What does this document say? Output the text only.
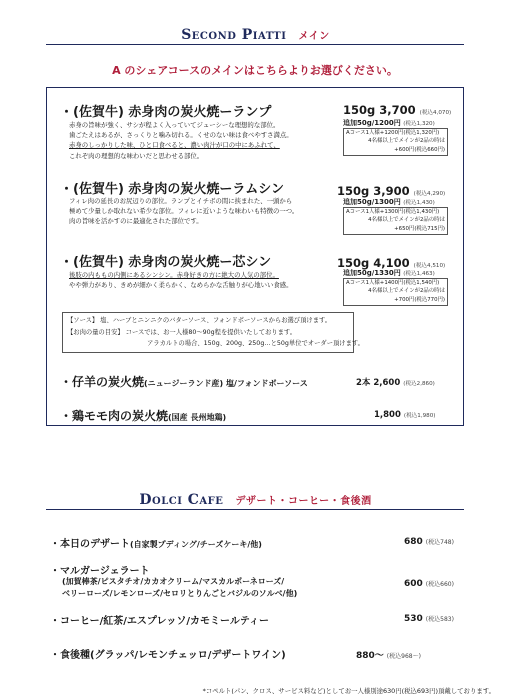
Second Piatti メイン
A のシェアコースのメインはこちらよりお選びください。
・(佐賀牛) 赤身肉の炭火焼ーランプ
赤身の旨味が強く、サシが程よく入っていてジューシーな理想的な部位。
歯ごたえはあるが、さっくりと噛み切れる。くせのない味は食べやすさ満点。
赤身のしっかりした味、ひと口食べると、濃い肉汁が口の中にあふれて、
これぞ肉の理想的な味わいだと思わせる部位。
150g 3,700 (税込4,070)
追加50g/1200円 (税込1,320)
Aコース1人様+1200円(税込1,320円)
4名様以上でメインが2品の時は
+600円(税込660円)
・(佐賀牛) 赤身肉の炭火焼ーラムシン
フィレ肉の延長のお尻辺りの部位。ランプとイチボの間に挟まれた、一頭から
極めて少量しか取れない希少な部位。フィレに近いような味わいも特徴の一つ。
肉の旨味を活かすのに最適化された部位です。
150g 3,900 (税込4,290)
追加50g/1300円 (税込1,430)
Aコース1人様+1300円(税込1,430円)
4名様以上でメインが2品の時は
+650円(税込715円)
・(佐賀牛) 赤身肉の炭火焼ー芯シン
後肢の内ももの内側にあるシンシン。赤身好きの方に絶大の人気の部位。
やや弾力があり、きめが細かく柔らかく、なめらかな舌触りが心地いい食感。
150g 4,100 (税込4,510)
追加50g/1330円 (税込1,463)
Aコース1人様+1400円(税込1,540円)
4名様以上でメインが2品の時は
+700円(税込770円)
【ソース】 塩、ハーブとニンニクのバターソース、フォンドボーソースからお選び頂けます。
【お肉の量の目安】 コースでは、お一人様80〜90g程を提供いたしております。
アラカルトの場合、150g、200g、250g…と50g単位でオーダー頂けます。
・仔羊の炭火焼(ニュージーランド産) 塩/フォンドボーソース	2本 2,600 (税込2,860)
・鶏モモ肉の炭火焼(国産 長州地鶏)	1,800 (税込1,980)
Dolci Cafe デザート・コーヒー・食後酒
・本日のデザート(自家製プディング/チーズケーキ/他)	680 (税込748)
・マルガージェラート
(加賀棒茶/ピスタチオ/カカオクリーム/マスカルポーネローズ/
ベリーローズ/レモンローズ/セロリとりんごとバジルのソルベ/他)
600 (税込660)
・コーヒー/紅茶/エスプレッソ/カモミールティー	530 (税込583)
・食後種(グラッパ/レモンチェッロ/デザートワイン)	880〜 (税込968〜)
*コペルト(パン、クロス、サービス料など)としてお一人様別途630円(税込693円)頂戴しております。
